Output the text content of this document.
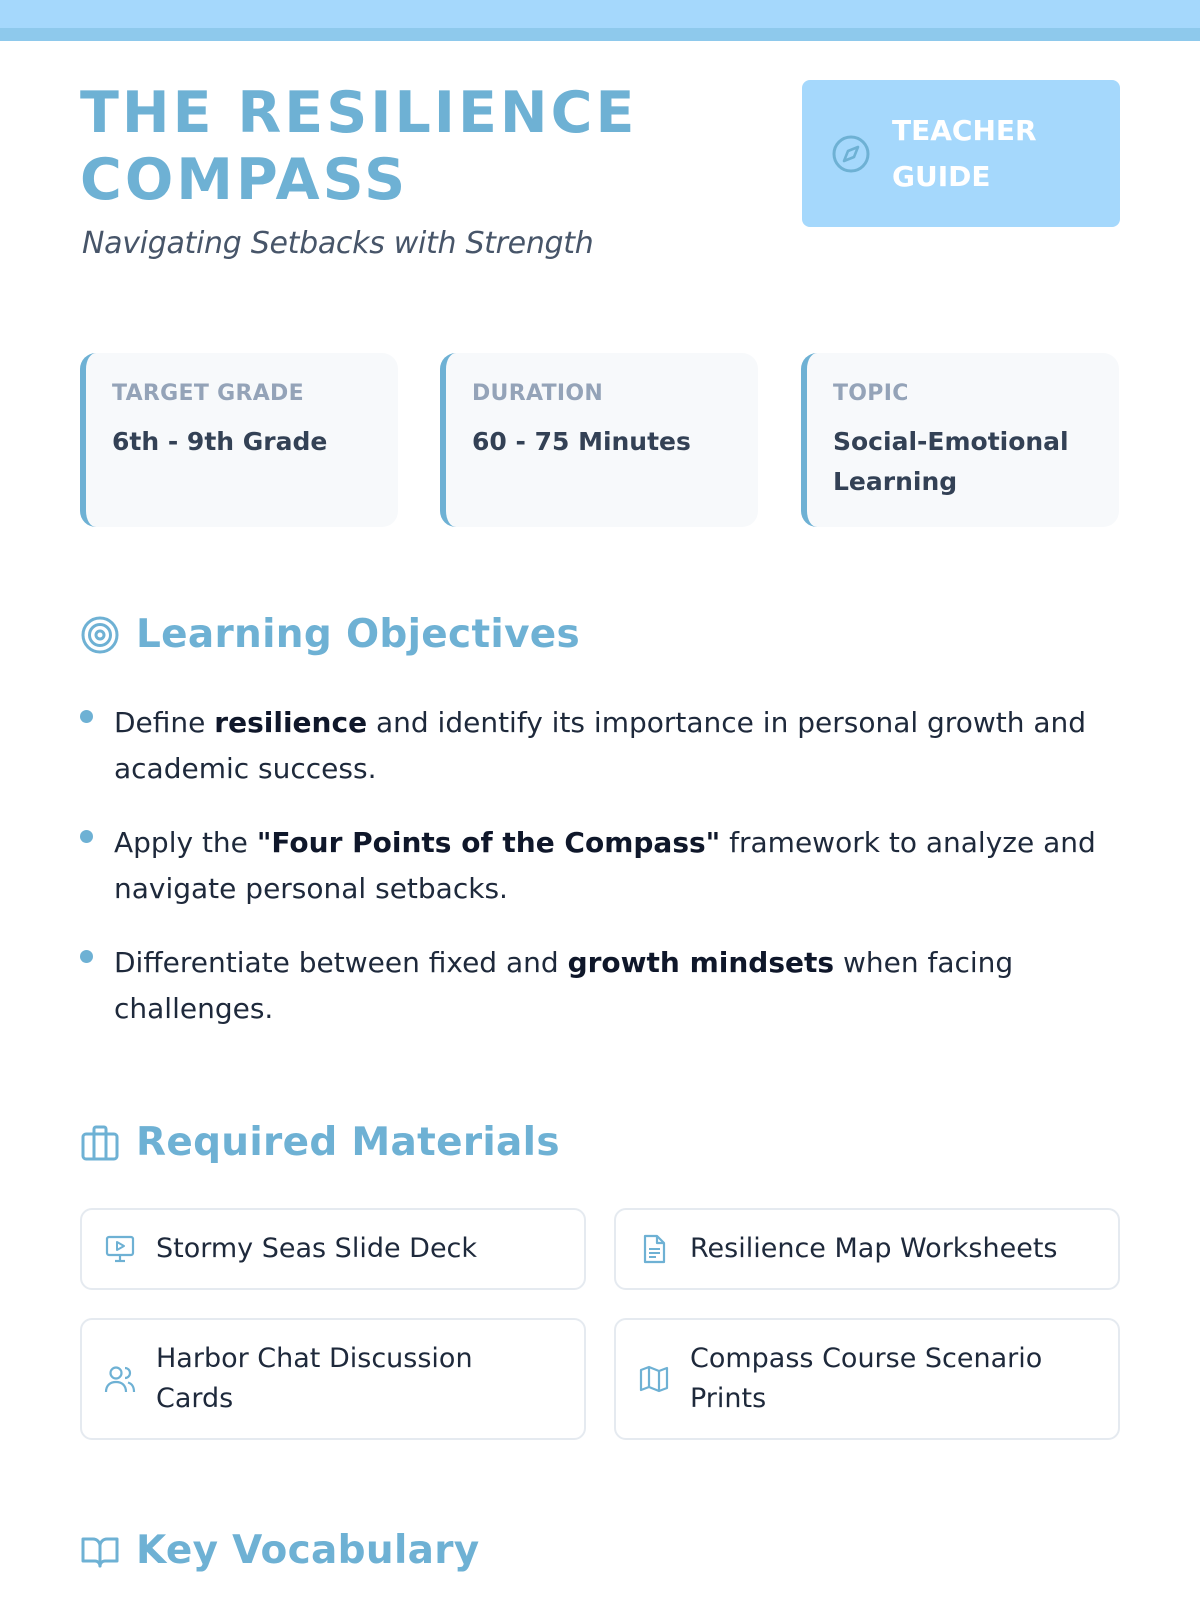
THE RESILIENCE COMPASS
Navigating Setbacks with Strength
TEACHER GUIDE
TARGET GRADE
6th - 9th Grade
DURATION
60 - 75 Minutes
TOPIC
Social-Emotional Learning
Learning Objectives
Define resilience and identify its importance in personal growth and academic success.
Apply the "Four Points of the Compass" framework to analyze and navigate personal setbacks.
Differentiate between fixed and growth mindsets when facing challenges.
Required Materials
Stormy Seas Slide Deck	Resilience Map Worksheets
Harbor Chat Discussion Cards
Compass Course Scenario Prints
Key Vocabulary
